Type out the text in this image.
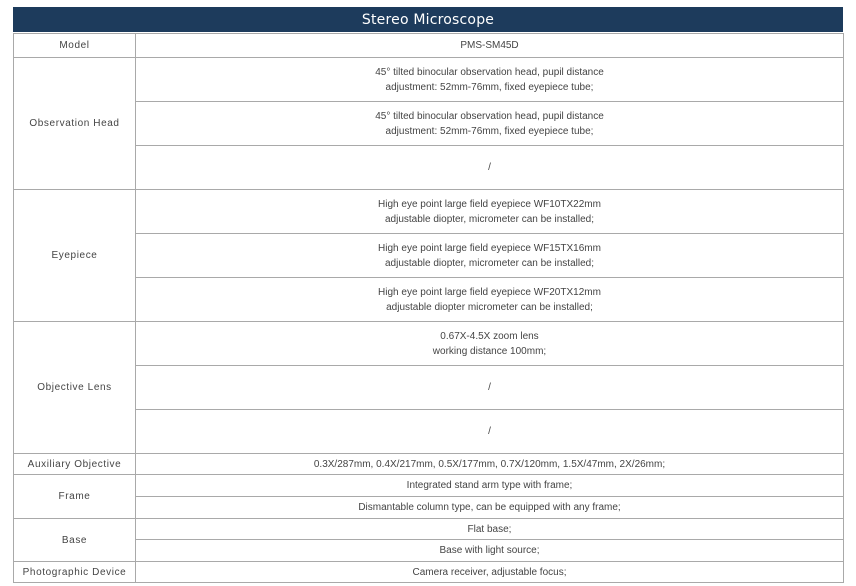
Stereo Microscope
Model	PMS-SM45D

Observation Head	45° tilted binocular observation head, pupil distance
adjustment: 52mm-76mm, fixed eyepiece tube;

	45° tilted binocular observation head, pupil distance
adjustment: 52mm-76mm, fixed eyepiece tube;

	/

Eyepiece	High eye point large field eyepiece WF10TX22mm
adjustable diopter, micrometer can be installed;

	High eye point large field eyepiece WF15TX16mm
adjustable diopter, micrometer can be installed;

	High eye point large field eyepiece WF20TX12mm
adjustable diopter micrometer can be installed;

Objective Lens	0.67X-4.5X zoom lens
working distance 100mm;

	/

	/

Auxiliary Objective	0.3X/287mm, 0.4X/217mm, 0.5X/177mm, 0.7X/120mm, 1.5X/47mm, 2X/26mm;

Frame	Integrated stand arm type with frame;

	Dismantable column type, can be equipped with any frame;

Base	Flat base;

	Base with light source;

Photographic Device	Camera receiver, adjustable focus;
